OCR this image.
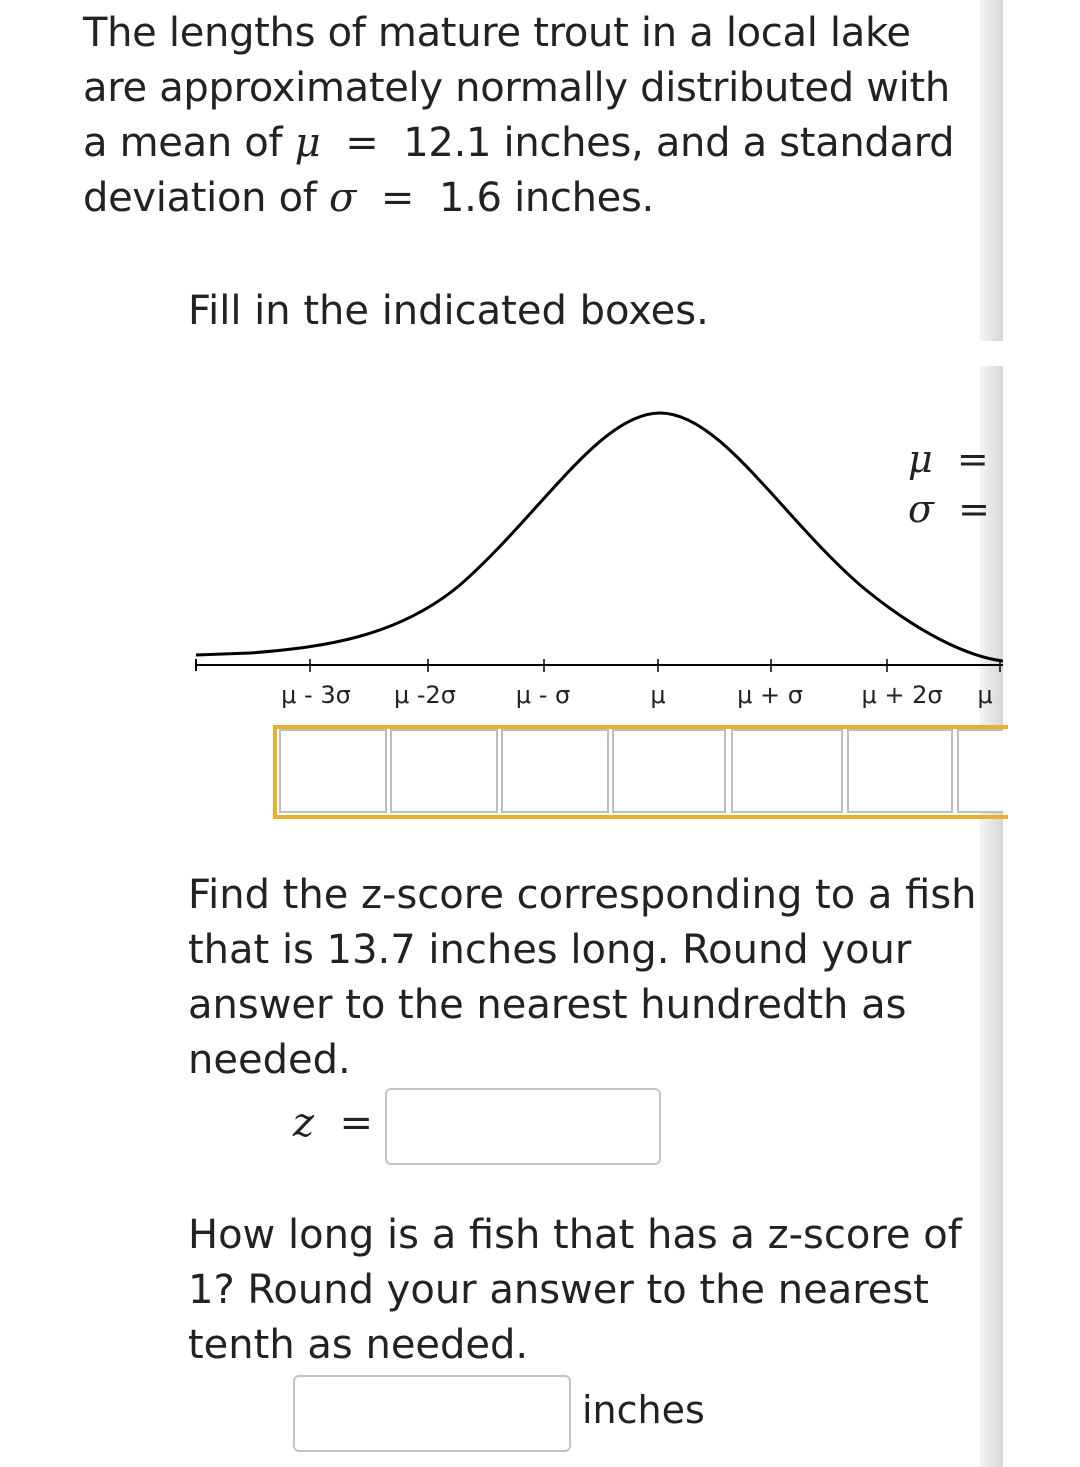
The lengths of mature trout in a local lake
are approximately normally distributed with
a mean of μ = 12.1 inches, and a standard
deviation of σ = 1.6 inches.

Fill in the indicated boxes.

μ - 3σ μ -2σ μ - σ	μ	μ + σ μ + 2σ μ
μ =
σ =

Find the z-score corresponding to a fish that is 13.7 inches long. Round your answer to the nearest hundredth as needed.

z =

How long is a fish that has a z-score of 1? Round your answer to the nearest tenth as needed.

inches
